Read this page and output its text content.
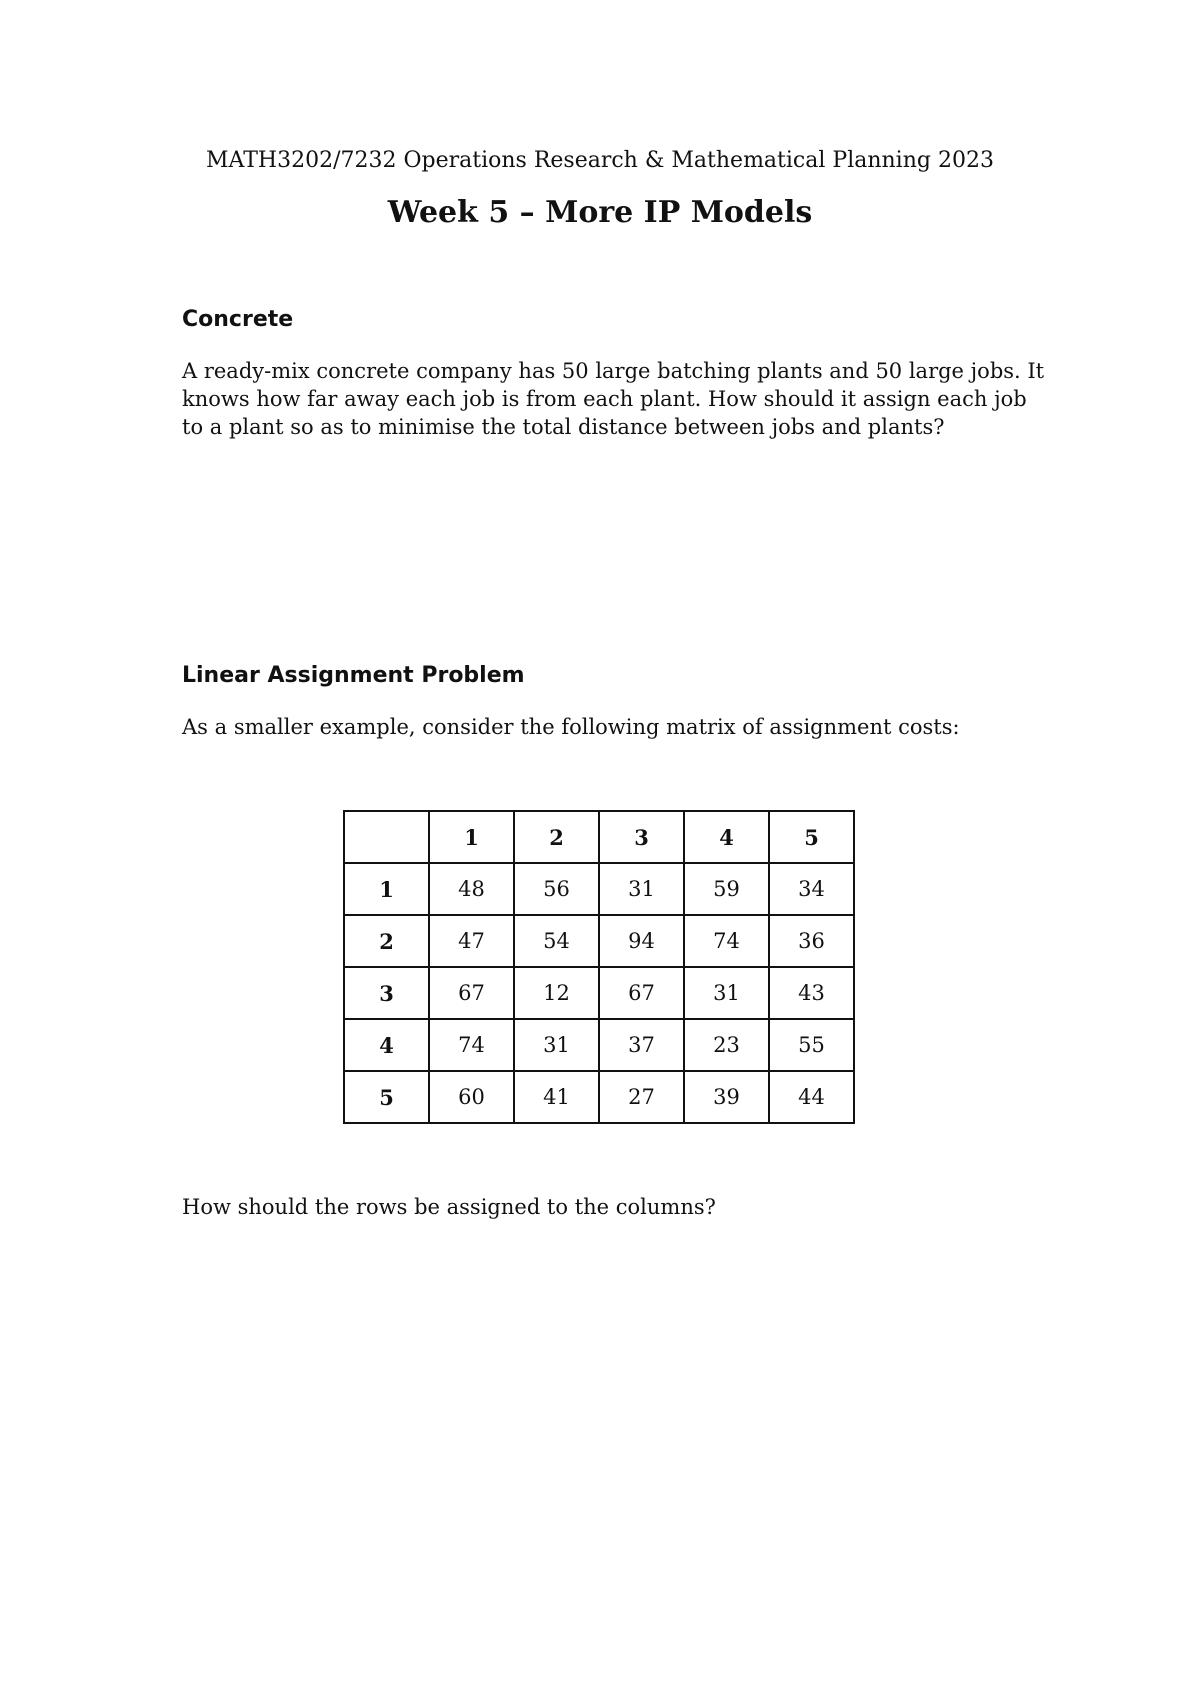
MATH3202/7232 Operations Research & Mathematical Planning 2023
Week 5 – More IP Models
Concrete
A ready-mix concrete company has 50 large batching plants and 50 large jobs. It
knows how far away each job is from each plant. How should it assign each job
to a plant so as to minimise the total distance between jobs and plants?
Linear Assignment Problem
As a smaller example, consider the following matrix of assignment costs:
	1	2	3	4	5
1	48	56	31	59	34
2	47	54	94	74	36
3	67	12	67	31	43
4	74	31	37	23	55
5	60	41	27	39	44
How should the rows be assigned to the columns?
